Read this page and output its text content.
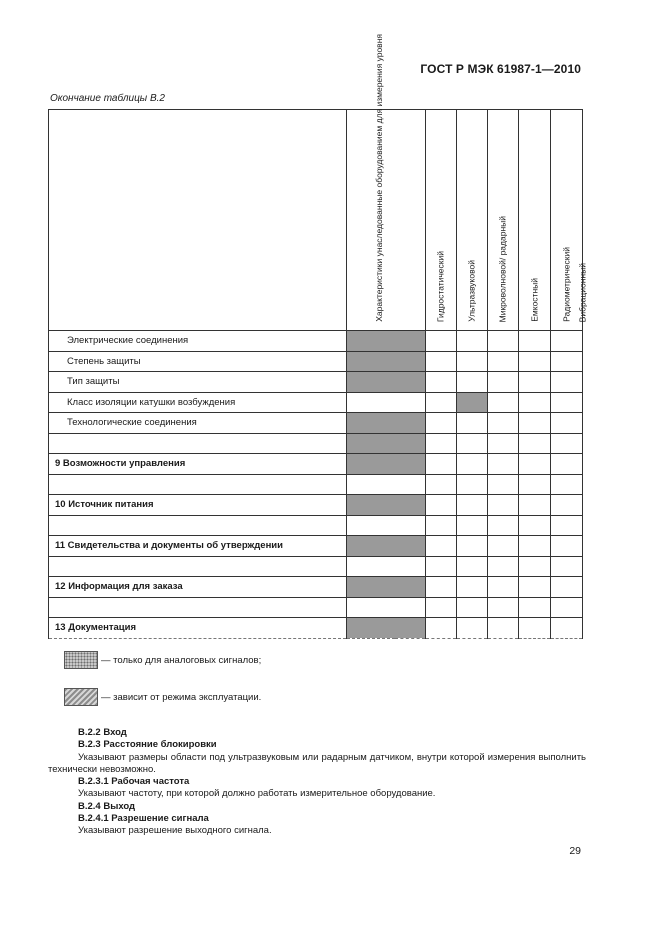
ГОСТ Р МЭК 61987-1—2010
Окончание таблицы В.2

	Характеристики унаследованные оборудованием для измерения уровня	Гидростатический	Ультразвуковой	Микроволновой/ радарный	Емкостный	Радиометрический	Вибрационный

Электрические соединения							
Степень защиты							
Тип защиты							
Класс изоляции катушки возбуждения							
Технологические соединения							

9 Возможности управления							

10 Источник питания							

11 Свидетельства и документы об утверждении							

12 Информация для заказа							

13 Документация							
— только для аналоговых сигналов;
— зависит от режима эксплуатации.

B.2.2 Вход

B.2.3 Расстояние блокировки

Указывают размеры области под ультразвуковым или радарным датчиком, внутри которой измерения выполнить технически невозможно.

B.2.3.1 Рабочая частота

Указывают частоту, при которой должно работать измерительное оборудование.

B.2.4 Выход

B.2.4.1 Разрешение сигнала

Указывают разрешение выходного сигнала.

29
